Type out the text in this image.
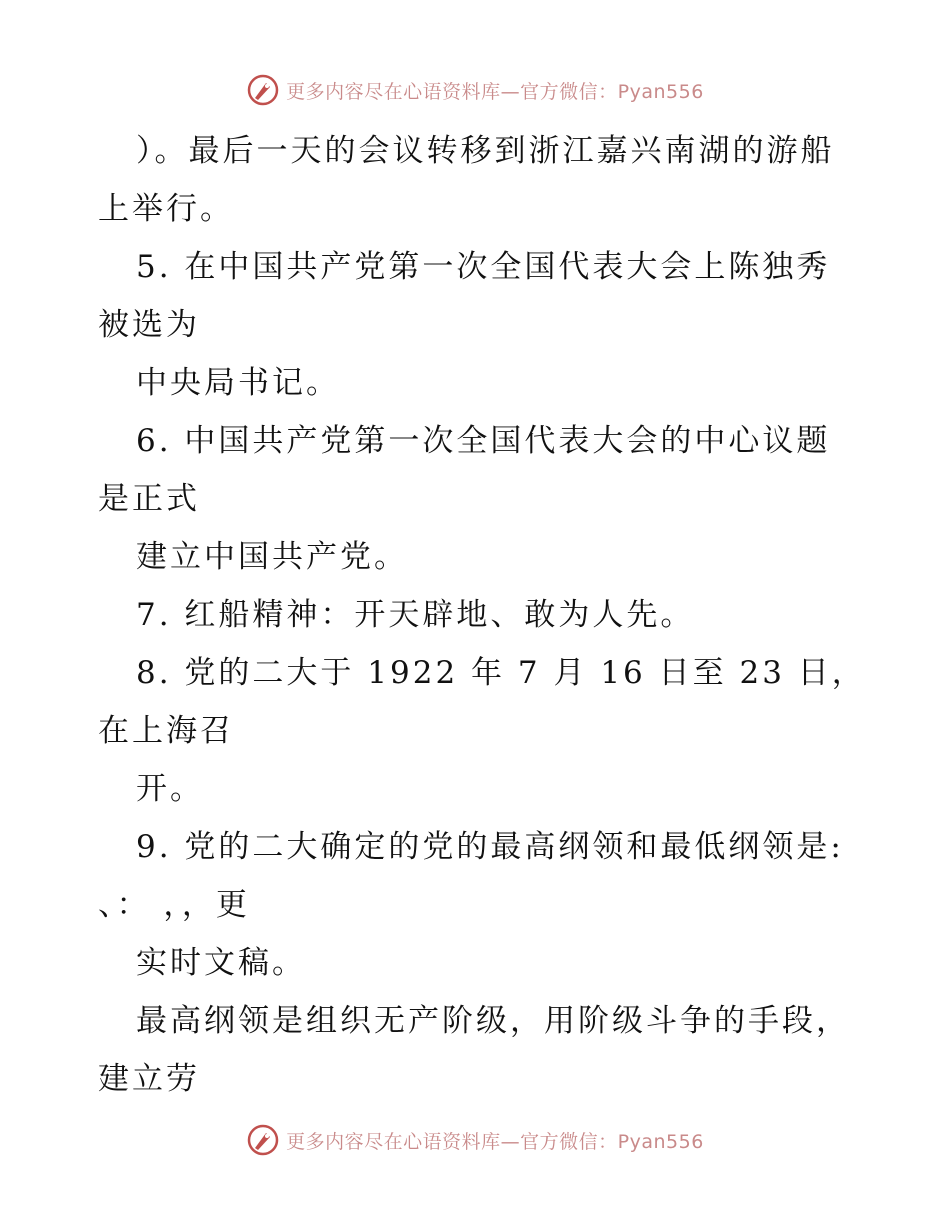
更多内容尽在心语资料库—官方微信：Pyan556
）。最后一天的会议转移到浙江嘉兴南湖的游船
上举行。
5. 在中国共产党第一次全国代表大会上陈独秀
被选为
中央局书记。
6. 中国共产党第一次全国代表大会的中心议题
是正式
建立中国共产党。
7. 红船精神：开天辟地、敢为人先。
8. 党的二大于 1922 年 7 月 16 日至 23 日，
在上海召
开。
9. 党的二大确定的党的最高纲领和最低纲领是:
、： ，，更
实时文稿。
最高纲领是组织无产阶级，用阶级斗争的手段，
建立劳
更多内容尽在心语资料库—官方微信：Pyan556
